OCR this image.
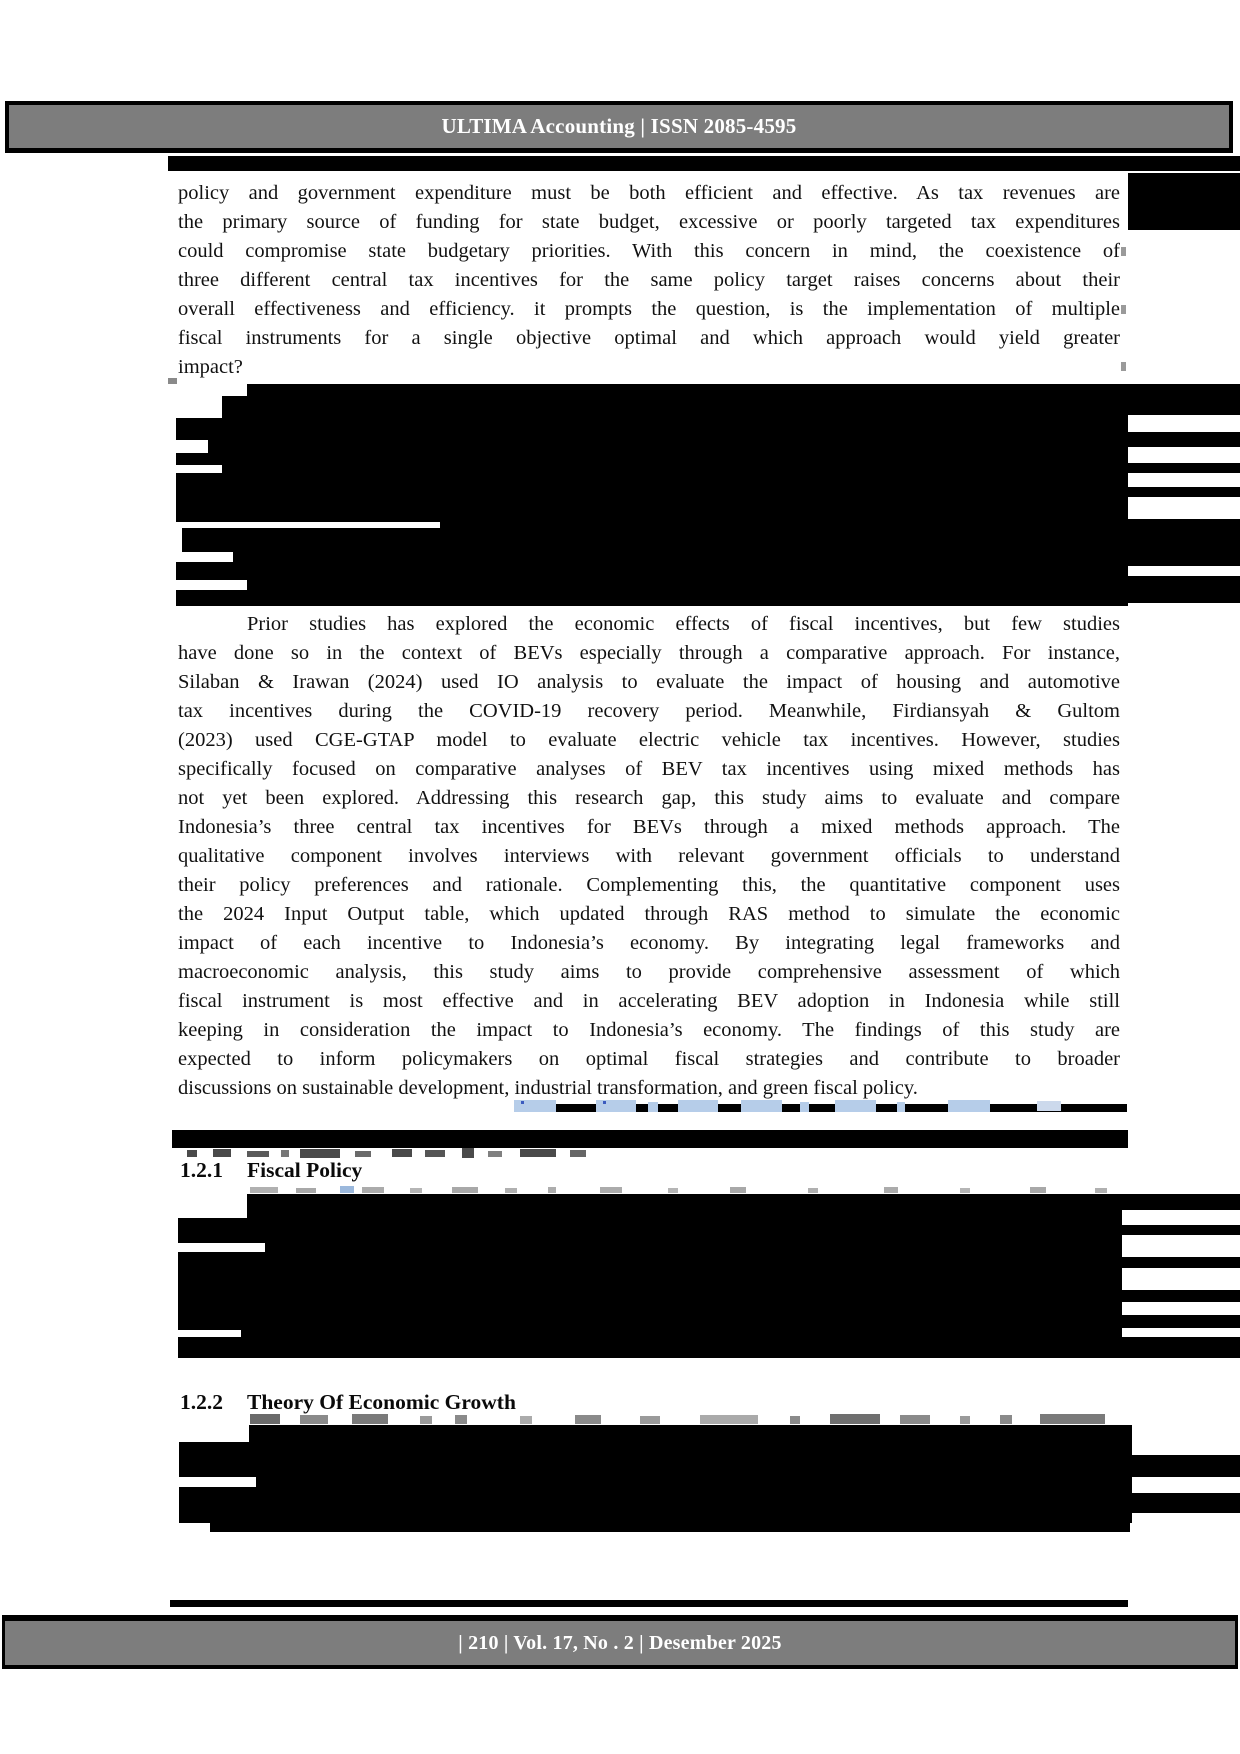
ULTIMA Accounting | ISSN 2085-4595
policy and government expenditure must be both efficient and effective. As tax revenues are
the primary source of funding for state budget, excessive or poorly targeted tax expenditures
could compromise state budgetary priorities. With this concern in mind, the coexistence of
three different central tax incentives for the same policy target raises concerns about their
overall effectiveness and efficiency. it prompts the question, is the implementation of multiple
fiscal instruments for a single objective optimal and which approach would yield greater
impact?
Prior studies has explored the economic effects of fiscal incentives, but few studies
have done so in the context of BEVs especially through a comparative approach. For instance,
Silaban & Irawan (2024) used IO analysis to evaluate the impact of housing and automotive
tax incentives during the COVID-19 recovery period. Meanwhile, Firdiansyah & Gultom
(2023) used CGE-GTAP model to evaluate electric vehicle tax incentives. However, studies
specifically focused on comparative analyses of BEV tax incentives using mixed methods has
not yet been explored. Addressing this research gap, this study aims to evaluate and compare
Indonesia’s three central tax incentives for BEVs through a mixed methods approach. The
qualitative component involves interviews with relevant government officials to understand
their policy preferences and rationale. Complementing this, the quantitative component uses
the 2024 Input Output table, which updated through RAS method to simulate the economic
impact of each incentive to Indonesia’s economy. By integrating legal frameworks and
macroeconomic analysis, this study aims to provide comprehensive assessment of which
fiscal instrument is most effective and in accelerating BEV adoption in Indonesia while still
keeping in consideration the impact to Indonesia’s economy. The findings of this study are
expected to inform policymakers on optimal fiscal strategies and contribute to broader
discussions on sustainable development, industrial transformation, and green fiscal policy.
1.2.1	Fiscal Policy
1.2.2	Theory Of Economic Growth
| 210 | Vol. 17, No . 2 | Desember 2025
